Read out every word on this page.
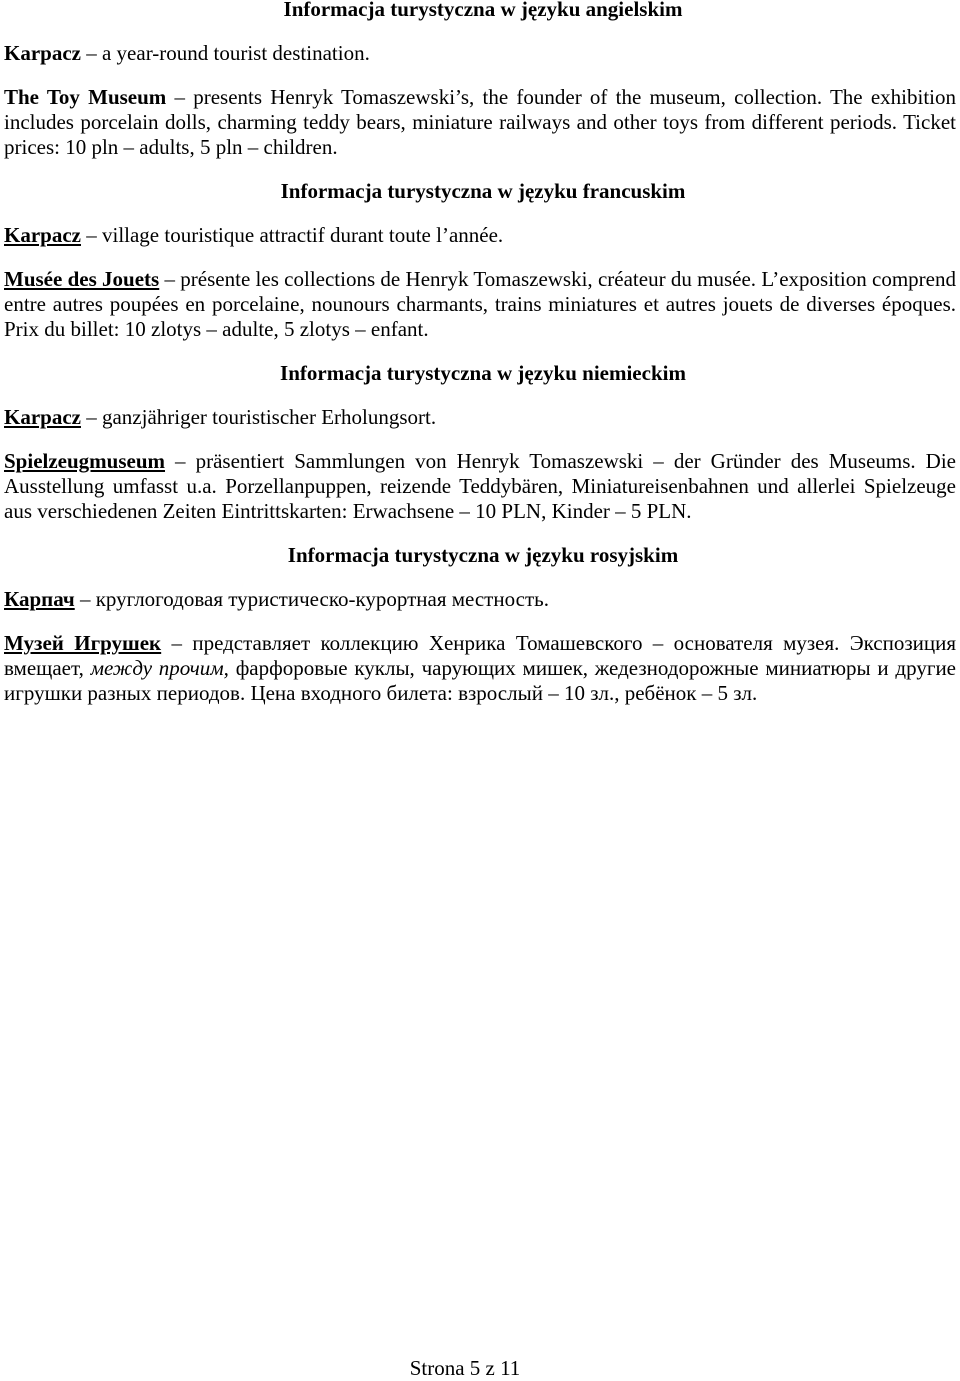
Informacja turystyczna w języku angielskim

Karpacz – a year-round tourist destination.

The Toy Museum – presents Henryk Tomaszewski’s, the founder of the museum, collection. The exhibition includes porcelain dolls, charming teddy bears, miniature railways and other toys from different periods. Ticket prices: 10 pln – adults, 5 pln – children.

Informacja turystyczna w języku francuskim

Karpacz – village touristique attractif durant toute l’année.

Musée des Jouets – présente les collections de Henryk Tomaszewski, créateur du musée. L’exposition comprend entre autres poupées en porcelaine, nounours charmants, trains miniatures et autres jouets de diverses époques. Prix du billet: 10 zlotys – adulte, 5 zlotys – enfant.

Informacja turystyczna w języku niemieckim

Karpacz – ganzjähriger touristischer Erholungsort.

Spielzeugmuseum – präsentiert Sammlungen von Henryk Tomaszewski – der Gründer des Museums. Die Ausstellung umfasst u.a. Porzellanpuppen, reizende Teddybären, Miniatureisenbahnen und allerlei Spielzeuge aus verschiedenen Zeiten Eintrittskarten: Erwachsene – 10 PLN, Kinder – 5 PLN.

Informacja turystyczna w języku rosyjskim

Карпач – круглогодовая туристическо-курортная местность.

Музей Игрушек – представляет коллекцию Хенрика Томашевского – основателя музея. Экспозиция вмещает, между прочим, фарфоровые куклы, чарующих мишек, жедезнодорожные миниатюры и другие игрушки разных периодов. Цена входного билета: взрослый – 10 зл., ребёнок – 5 зл.

Strona 5 z 11
